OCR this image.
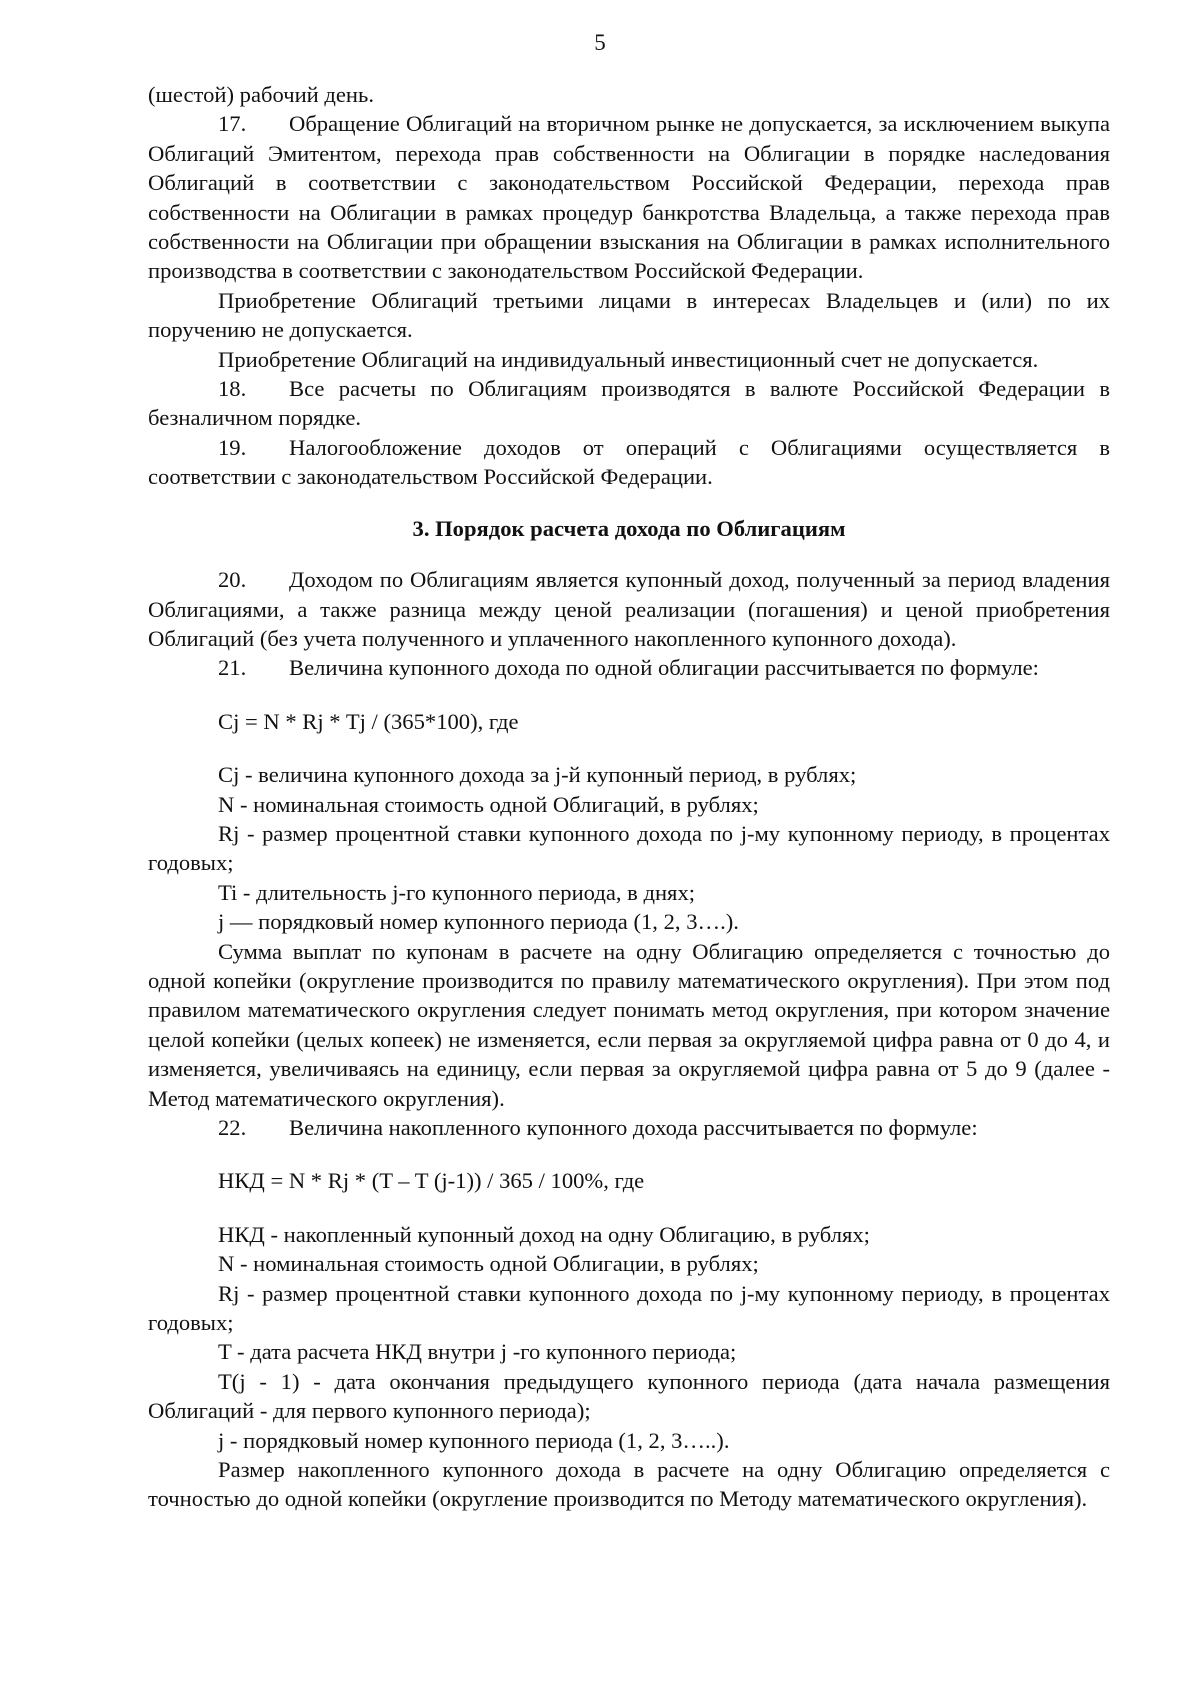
5

(шестой) рабочий день.

17. Обращение Облигаций на вторичном рынке не допускается, за исключением выкупа Облигаций Эмитентом, перехода прав собственности на Облигации в порядке наследования Облигаций в соответствии с законодательством Российской Федерации, перехода прав собственности на Облигации в рамках процедур банкротства Владельца, а также перехода прав собственности на Облигации при обращении взыскания на Облигации в рамках исполнительного производства в соответствии с законодательством Российской Федерации.

Приобретение Облигаций третьими лицами в интересах Владельцев и (или) по их поручению не допускается.

Приобретение Облигаций на индивидуальный инвестиционный счет не допускается.

18. Все расчеты по Облигациям производятся в валюте Российской Федерации в безналичном порядке.

19. Налогообложение доходов от операций с Облигациями осуществляется в соответствии с законодательством Российской Федерации.

3. Порядок расчета дохода по Облигациям

20. Доходом по Облигациям является купонный доход, полученный за период владения Облигациями, а также разница между ценой реализации (погашения) и ценой приобретения Облигаций (без учета полученного и уплаченного накопленного купонного дохода).

21. Величина купонного дохода по одной облигации рассчитывается по формуле:

Cj = N * Rj * Tj / (365*100), где

Cj - величина купонного дохода за j-й купонный период, в рублях;

N - номинальная стоимость одной Облигаций, в рублях;

Rj - размер процентной ставки купонного дохода по j-му купонному периоду, в процентах годовых;

Ti - длительность j-го купонного периода, в днях;

j — порядковый номер купонного периода (1, 2, 3….).

Сумма выплат по купонам в расчете на одну Облигацию определяется с точностью до одной копейки (округление производится по правилу математического округления). При этом под правилом математического округления следует понимать метод округления, при котором значение целой копейки (целых копеек) не изменяется, если первая за округляемой цифра равна от 0 до 4, и изменяется, увеличиваясь на единицу, если первая за округляемой цифра равна от 5 до 9 (далее - Метод математического округления).

22. Величина накопленного купонного дохода рассчитывается по формуле:

НКД = N * Rj * (T – T (j-1)) / 365 / 100%, где

НКД - накопленный купонный доход на одну Облигацию, в рублях;

N - номинальная стоимость одной Облигации, в рублях;

Rj - размер процентной ставки купонного дохода по j-му купонному периоду, в процентах годовых;

T - дата расчета НКД внутри j -го купонного периода;

T(j - 1) - дата окончания предыдущего купонного периода (дата начала размещения Облигаций - для первого купонного периода);

j - порядковый номер купонного периода (1, 2, 3…..).

Размер накопленного купонного дохода в расчете на одну Облигацию определяется с точностью до одной копейки (округление производится по Методу математического округления).
